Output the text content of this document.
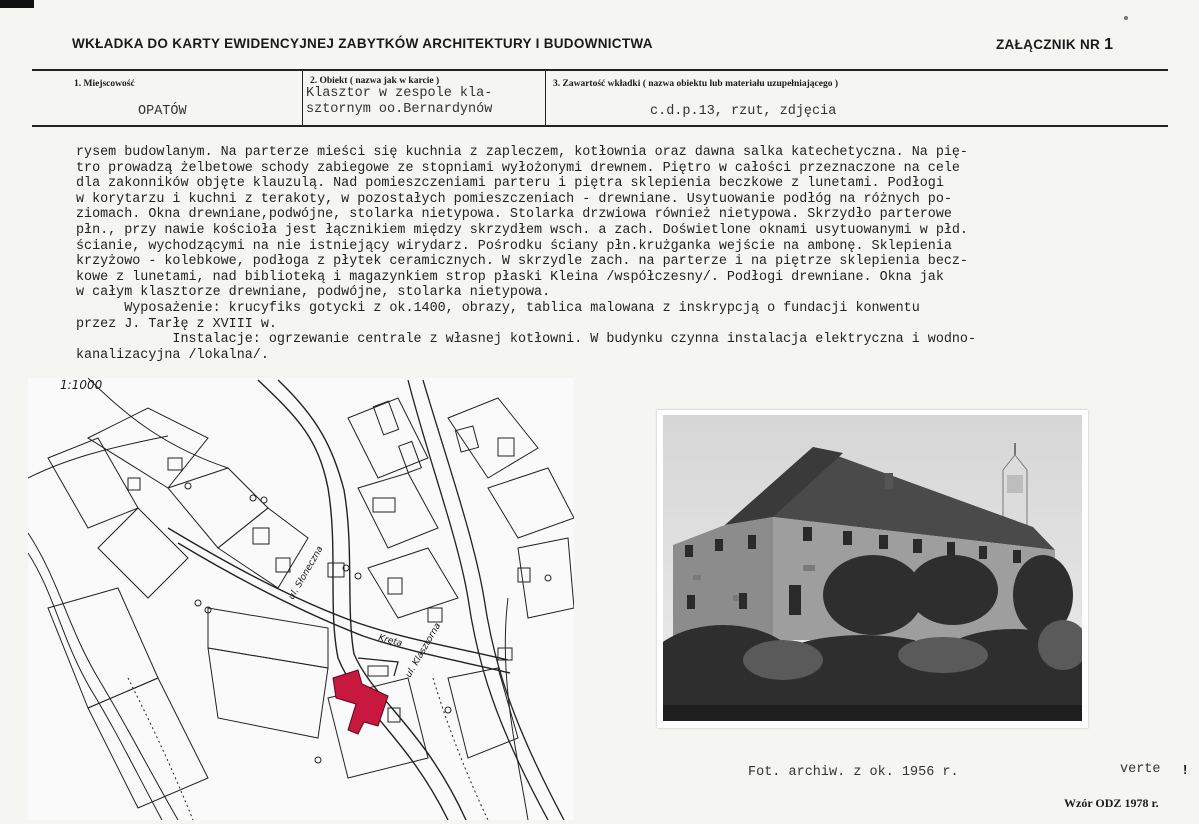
WKŁADKA DO KARTY EWIDENCYJNEJ ZABYTKÓW ARCHITEKTURY I BUDOWNICTWA	ZAŁĄCZNIK NR 1
1. Miejscowość
OPATÓW
2. Obiekt ( nazwa jak w karcie )
Klasztor w zespole kla-
sztornym oo.Bernardynów
3. Zawartość wkładki ( nazwa obiektu lub materiału uzupełniającego )
c.d.p.13, rzut, zdjęcia
rysem budowlanym. Na parterze mieści się kuchnia z zapleczem, kotłownia oraz dawna salka katechetyczna. Na pię-
tro prowadzą żelbetowe schody zabiegowe ze stopniami wyłożonymi drewnem. Piętro w całości przeznaczone na cele
dla zakonników objęte klauzulą. Nad pomieszczeniami parteru i piętra sklepienia beczkowe z lunetami. Podłogi
w korytarzu i kuchni z terakoty, w pozostałych pomieszczeniach - drewniane. Usytuowanie podłóg na różnych po-
ziomach. Okna drewniane,podwójne, stolarka nietypowa. Stolarka drzwiowa również nietypowa. Skrzydło parterowe
płn., przy nawie kościoła jest łącznikiem między skrzydłem wsch. a zach. Doświetlone oknami usytuowanymi w płd.
ścianie, wychodzącymi na nie istniejący wirydarz. Pośrodku ściany płn.krużganka wejście na ambonę. Sklepienia
krzyżowo - kolebkowe, podłoga z płytek ceramicznych. W skrzydle zach. na parterze i na piętrze sklepienia becz-
kowe z lunetami, nad biblioteką i magazynkiem strop płaski Kleina /współczesny/. Podłogi drewniane. Okna jak
w całym klasztorze drewniane, podwójne, stolarka nietypowa.
Wyposażenie: krucyfiks gotycki z ok.1400, obrazy, tablica malowana z inskrypcją o fundacji konwentu
przez J. Tarłę z XVIII w.
Instalacje: ogrzewanie centrale z własnej kotłowni. W budynku czynna instalacja elektryczna i wodno-
kanalizacyjna /lokalna/.
ul. Słoneczna
Kręta ul. Klasztorna
1:1000
Fot. archiw. z ok. 1956 r.	verte !
Wzór ODZ 1978 r.
